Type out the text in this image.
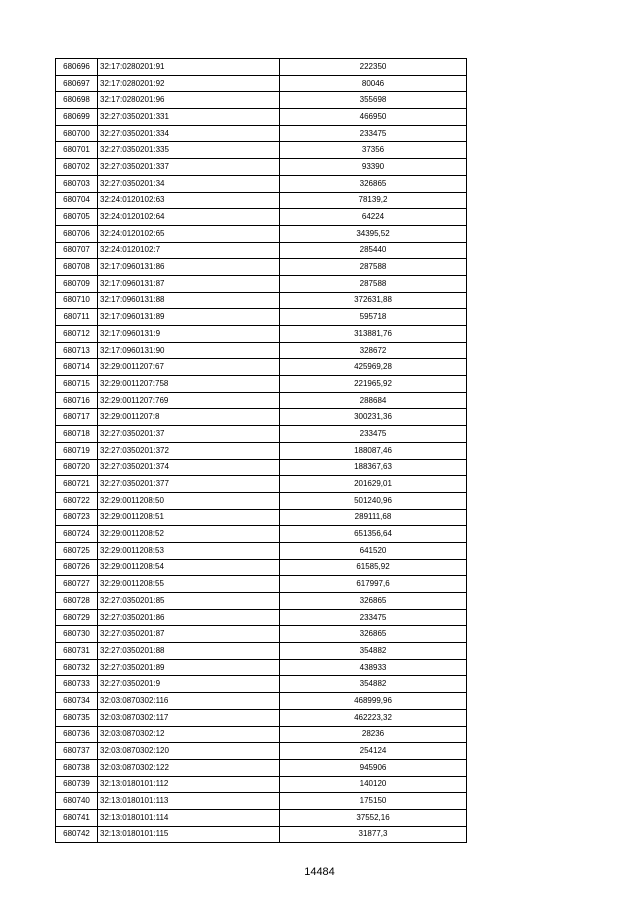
680696	32:17:0280201:91	222350
680697	32:17:0280201:92	80046
680698	32:17:0280201:96	355698
680699	32:27:0350201:331	466950
680700	32:27:0350201:334	233475
680701	32:27:0350201:335	37356
680702	32:27:0350201:337	93390
680703	32:27:0350201:34	326865
680704	32:24:0120102:63	78139,2
680705	32:24:0120102:64	64224
680706	32:24:0120102:65	34395,52
680707	32:24:0120102:7	285440
680708	32:17:0960131:86	287588
680709	32:17:0960131:87	287588
680710	32:17:0960131:88	372631,88
680711	32:17:0960131:89	595718
680712	32:17:0960131:9	313881,76
680713	32:17:0960131:90	328672
680714	32:29:0011207:67	425969,28
680715	32:29:0011207:758	221965,92
680716	32:29:0011207:769	288684
680717	32:29:0011207:8	300231,36
680718	32:27:0350201:37	233475
680719	32:27:0350201:372	188087,46
680720	32:27:0350201:374	188367,63
680721	32:27:0350201:377	201629,01
680722	32:29:0011208:50	501240,96
680723	32:29:0011208:51	289111,68
680724	32:29:0011208:52	651356,64
680725	32:29:0011208:53	641520
680726	32:29:0011208:54	61585,92
680727	32:29:0011208:55	617997,6
680728	32:27:0350201:85	326865
680729	32:27:0350201:86	233475
680730	32:27:0350201:87	326865
680731	32:27:0350201:88	354882
680732	32:27:0350201:89	438933
680733	32:27:0350201:9	354882
680734	32:03:0870302:116	468999,96
680735	32:03:0870302:117	462223,32
680736	32:03:0870302:12	28236
680737	32:03:0870302:120	254124
680738	32:03:0870302:122	945906
680739	32:13:0180101:112	140120
680740	32:13:0180101:113	175150
680741	32:13:0180101:114	37552,16
680742	32:13:0180101:115	31877,3
14484
